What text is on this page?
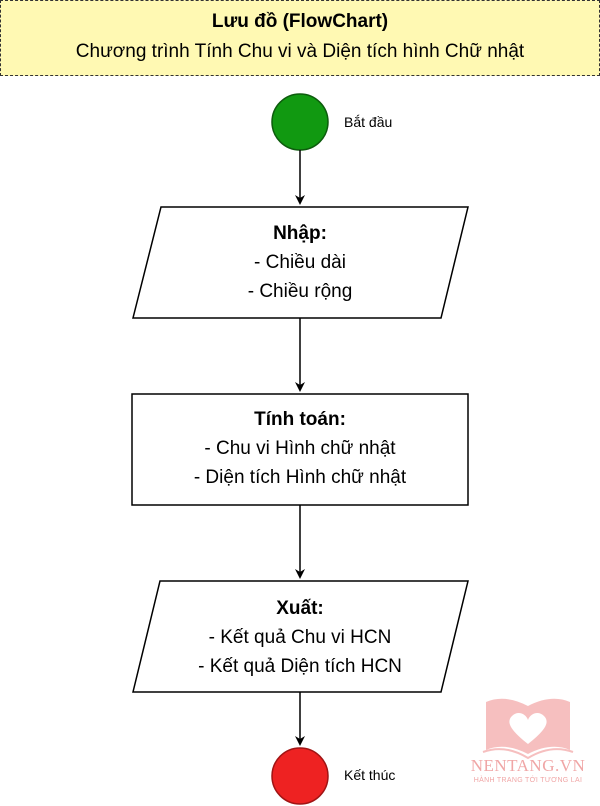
Lưu đồ (FlowChart)
Chương trình Tính Chu vi và Diện tích hình Chữ nhật
Bắt đầu
Nhập:
- Chiều dài
- Chiều rộng
Tính toán:
- Chu vi Hình chữ nhật
- Diện tích Hình chữ nhật
Xuất:
- Kết quả Chu vi HCN
- Kết quả Diện tích HCN
Kết thúc	NENTANG.VN
HÀNH TRANG TỚI TƯƠNG LAI
